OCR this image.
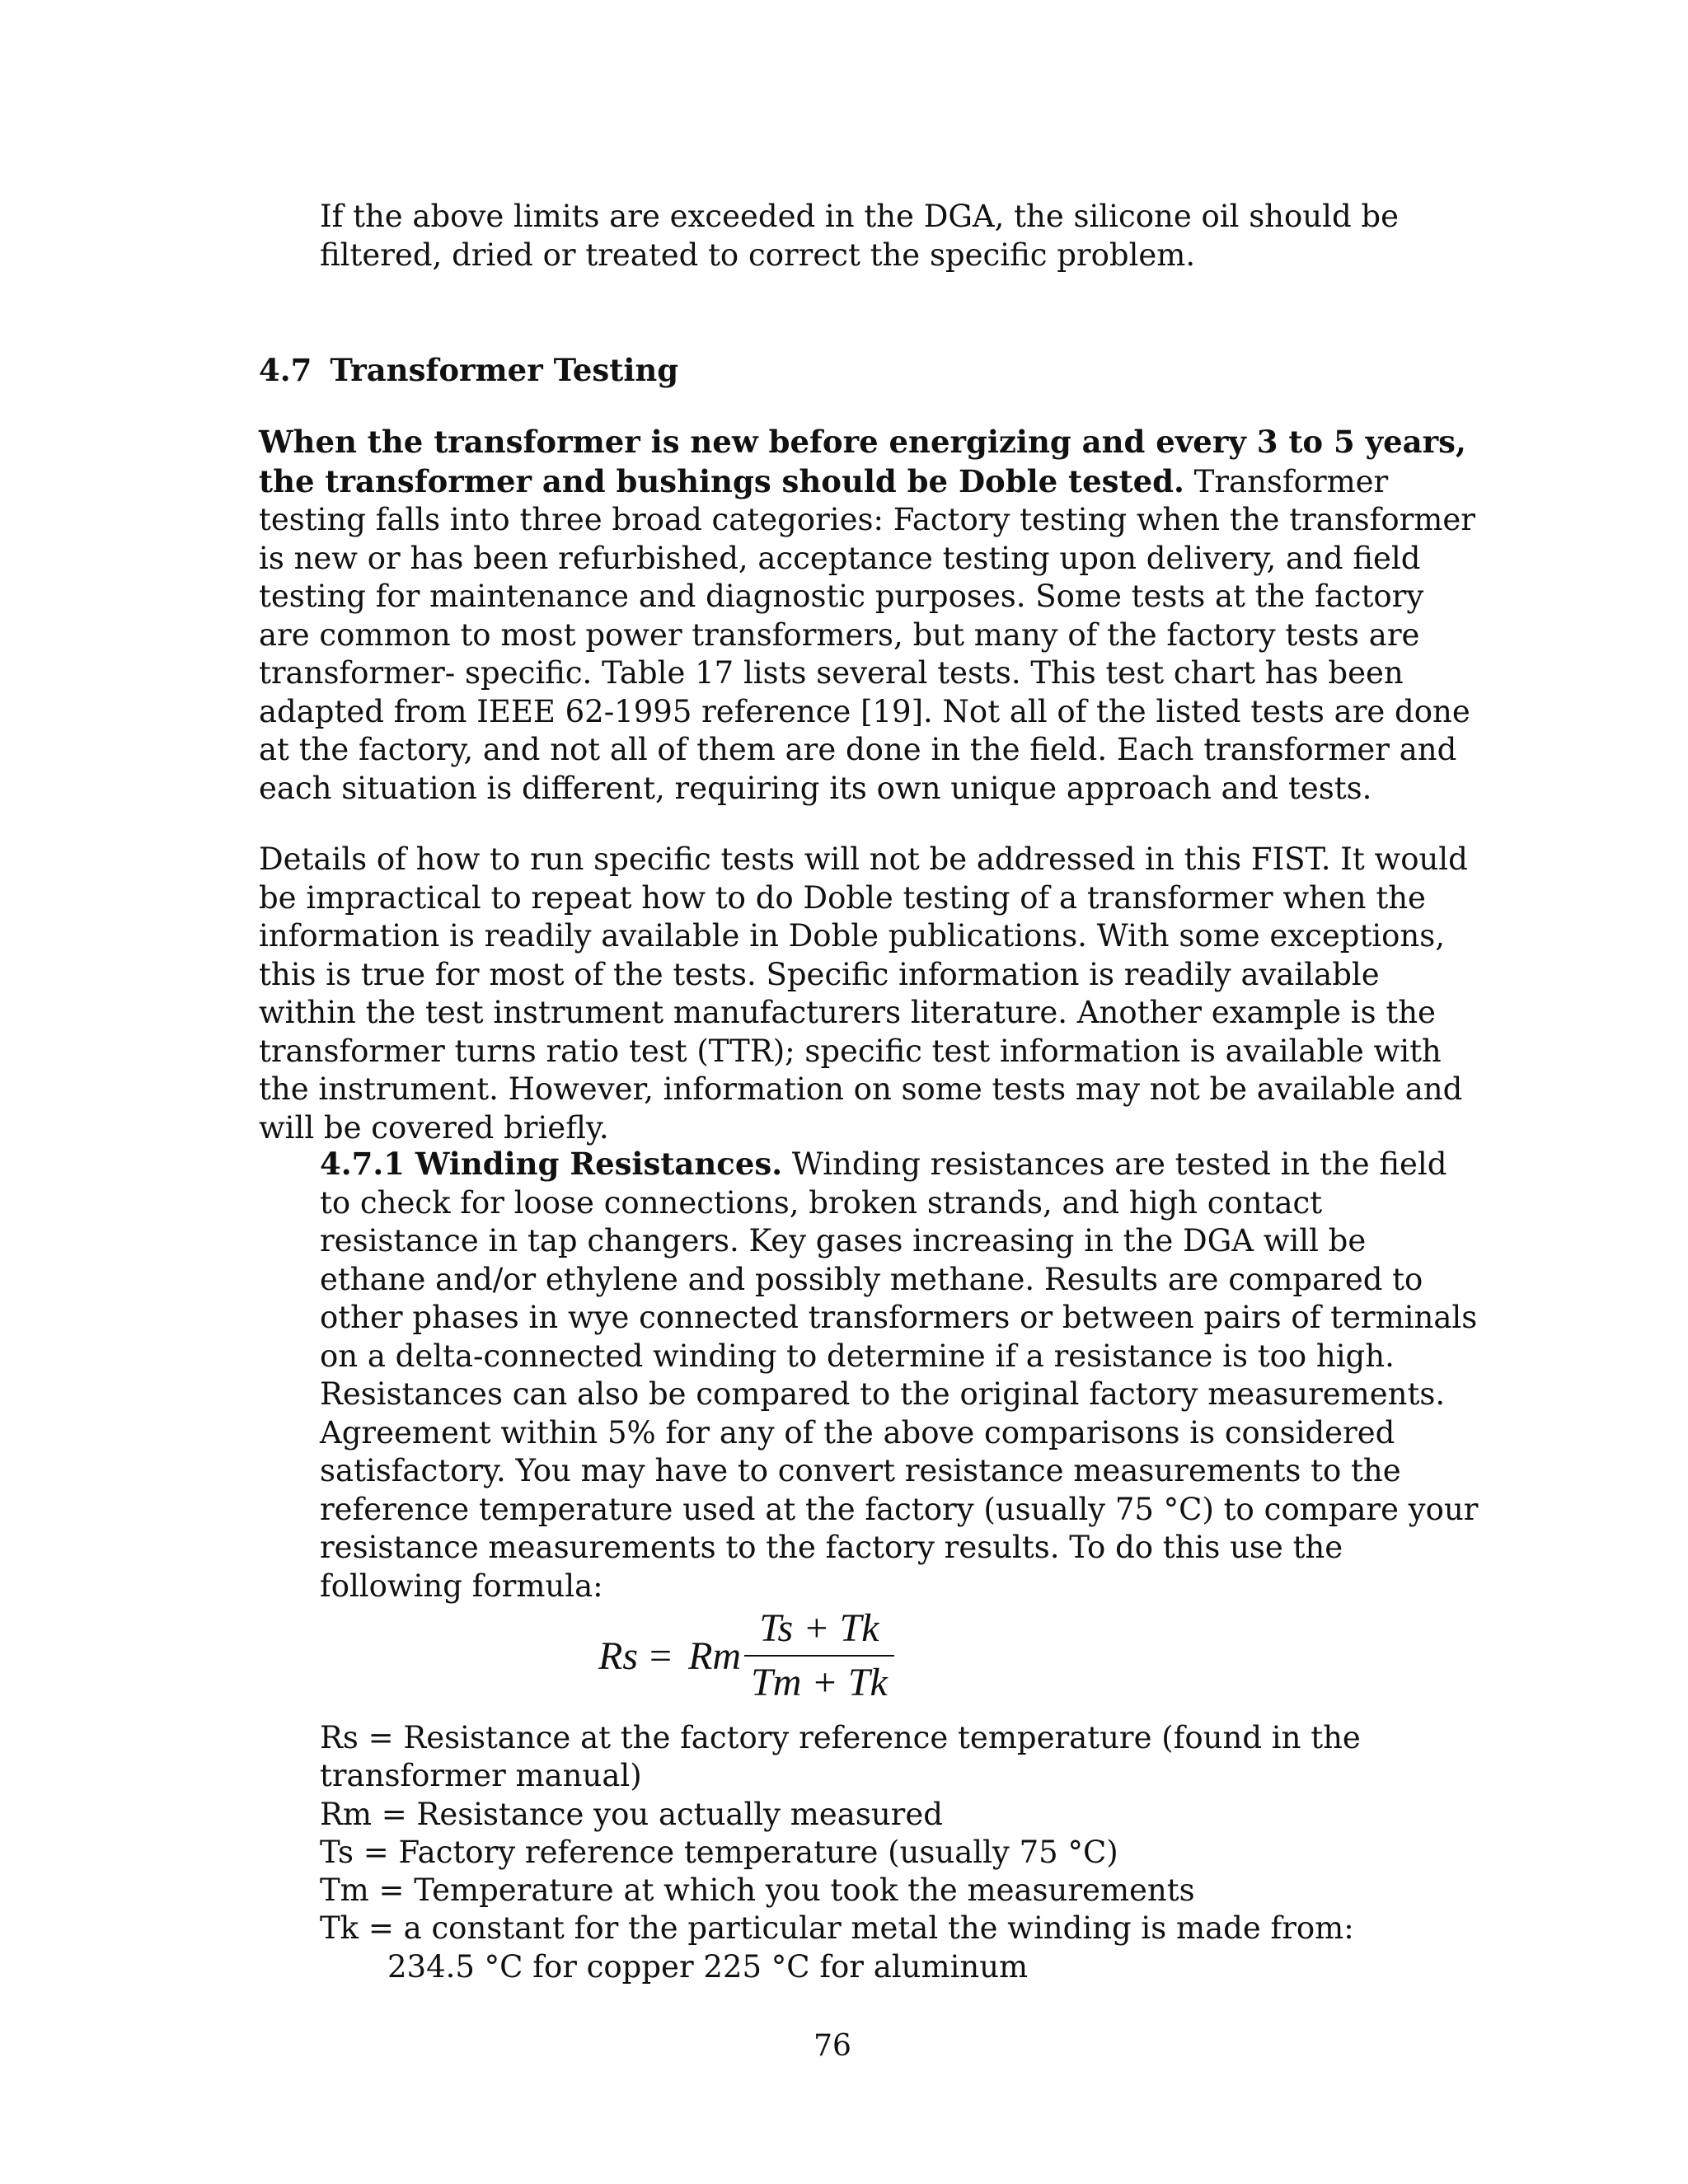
If the above limits are exceeded in the DGA, the silicone oil should be filtered, dried or treated to correct the specific problem.

4.7 Transformer Testing

When the transformer is new before energizing and every 3 to 5 years, the transformer and bushings should be Doble tested. Transformer testing falls into three broad categories: Factory testing when the transformer is new or has been refurbished, acceptance testing upon delivery, and field testing for maintenance and diagnostic purposes. Some tests at the factory are common to most power transformers, but many of the factory tests are transformer- specific. Table 17 lists several tests. This test chart has been adapted from IEEE 62-1995 reference [19]. Not all of the listed tests are done at the factory, and not all of them are done in the field. Each transformer and each situation is different, requiring its own unique approach and tests.

Details of how to run specific tests will not be addressed in this FIST. It would be impractical to repeat how to do Doble testing of a transformer when the information is readily available in Doble publications. With some exceptions, this is true for most of the tests. Specific information is readily available within the test instrument manufacturers literature. Another example is the transformer turns ratio test (TTR); specific test information is available with the instrument. However, information on some tests may not be available and will be covered briefly.

4.7.1 Winding Resistances. Winding resistances are tested in the field to check for loose connections, broken strands, and high contact resistance in tap changers. Key gases increasing in the DGA will be ethane and/or ethylene and possibly methane. Results are compared to other phases in wye connected transformers or between pairs of terminals on a delta-connected winding to determine if a resistance is too high. Resistances can also be compared to the original factory measurements. Agreement within 5% for any of the above comparisons is considered satisfactory. You may have to convert resistance measurements to the reference temperature used at the factory (usually 75 °C) to compare your resistance measurements to the factory results. To do this use the following formula:

Rs = Rm $\frac{Ts + Tk}{Tm + Tk}$

Rs = Resistance at the factory reference temperature (found in the transformer manual)

Rm = Resistance you actually measured

Ts = Factory reference temperature (usually 75 °C)

Tm = Temperature at which you took the measurements

Tk = a constant for the particular metal the winding is made from:

234.5 °C for copper 225 °C for aluminum

76
